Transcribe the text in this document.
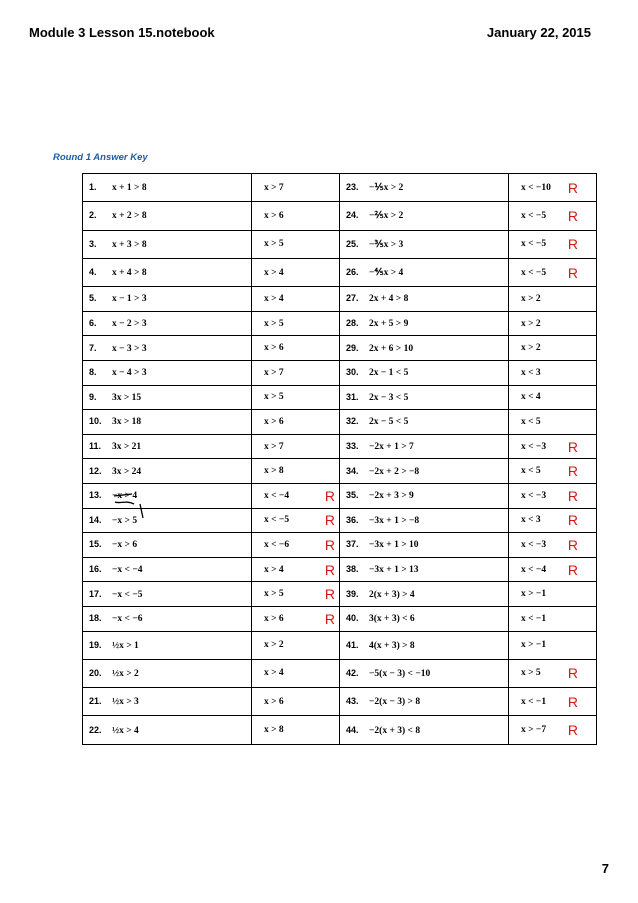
Module 3 Lesson 15.notebook	January 22, 2015
Round 1 Answer Key
1. x + 1 > 8	x > 7	23. −⅕x > 2	x < −10 R

2. x + 2 > 8	x > 6	24. −⅖x > 2	x < −5 R

3. x + 3 > 8	x > 5	25. −⅗x > 3	x < −5 R

4. x + 4 > 8	x > 4	26. −⅘x > 4	x < −5 R

5. x − 1 > 3	x > 4	27. 2x + 4 > 8	x > 2
6. x − 2 > 3	x > 5	28. 2x + 5 > 9	x > 2
7. x − 3 > 3	x > 6	29. 2x + 6 > 10	x > 2
8. x − 4 > 3	x > 7	30. 2x − 1 < 5	x < 3
9. 3x > 15	x > 5	31. 2x − 3 < 5	x < 4
10. 3x > 18	x > 6	32. 2x − 5 < 5	x < 5
11. 3x > 21	x > 7	33. −2x + 1 > 7	x < −3 R

12. 3x > 24	x > 8	34. −2x + 2 > −8	x < 5 R

13. −x > 4	x < −4 R	35. −2x + 3 > 9	x < −3 R

14. −x > 5	x < −5 R	36. −3x + 1 > −8	x < 3 R

15. −x > 6	x < −6 R	37. −3x + 1 > 10	x < −3 R

16. −x < −4	x > 4 R	38. −3x + 1 > 13	x < −4 R

17. −x < −5	x > 5 R	39. 2(x + 3) > 4	x > −1
18. −x < −6	x > 6 R	40. 3(x + 3) < 6	x < −1
19. ½x > 1	x > 2	41. 4(x + 3) > 8	x > −1
20. ½x > 2	x > 4	42. −5(x − 3) < −10	x > 5 R

21. ½x > 3	x > 6	43. −2(x − 3) > 8	x < −1 R

22. ½x > 4	x > 8	44. −2(x + 3) < 8	x > −7 R
7
